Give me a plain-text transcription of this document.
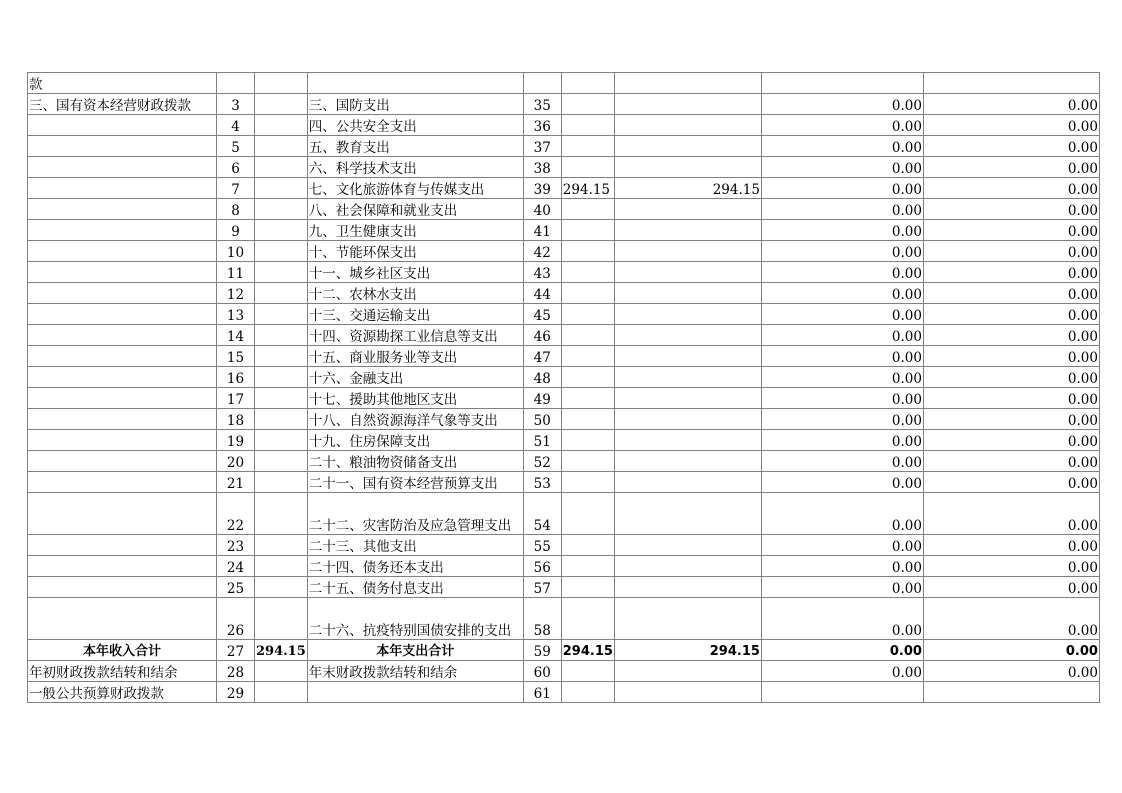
款								
三、国有资本经营财政拨款	3		三、国防支出	35			0.00	0.00
	4		四、公共安全支出	36			0.00	0.00
	5		五、教育支出	37			0.00	0.00
	6		六、科学技术支出	38			0.00	0.00
	7		七、文化旅游体育与传媒支出	39	294.15	294.15	0.00	0.00
	8		八、社会保障和就业支出	40			0.00	0.00
	9		九、卫生健康支出	41			0.00	0.00
	10		十、节能环保支出	42			0.00	0.00
	11		十一、城乡社区支出	43			0.00	0.00
	12		十二、农林水支出	44			0.00	0.00
	13		十三、交通运输支出	45			0.00	0.00
	14		十四、资源勘探工业信息等支出	46			0.00	0.00
	15		十五、商业服务业等支出	47			0.00	0.00
	16		十六、金融支出	48			0.00	0.00
	17		十七、援助其他地区支出	49			0.00	0.00
	18		十八、自然资源海洋气象等支出	50			0.00	0.00
	19		十九、住房保障支出	51			0.00	0.00
	20		二十、粮油物资储备支出	52			0.00	0.00
	21		二十一、国有资本经营预算支出	53			0.00	0.00
	22		二十二、灾害防治及应急管理支出	54			0.00	0.00
	23		二十三、其他支出	55			0.00	0.00
	24		二十四、债务还本支出	56			0.00	0.00
	25		二十五、债务付息支出	57			0.00	0.00
	26		二十六、抗疫特别国债安排的支出	58			0.00	0.00
本年收入合计	27	294.15	本年支出合计	59	294.15	294.15	0.00	0.00
年初财政拨款结转和结余	28		年末财政拨款结转和结余	60			0.00	0.00
一般公共预算财政拨款	29			61				
